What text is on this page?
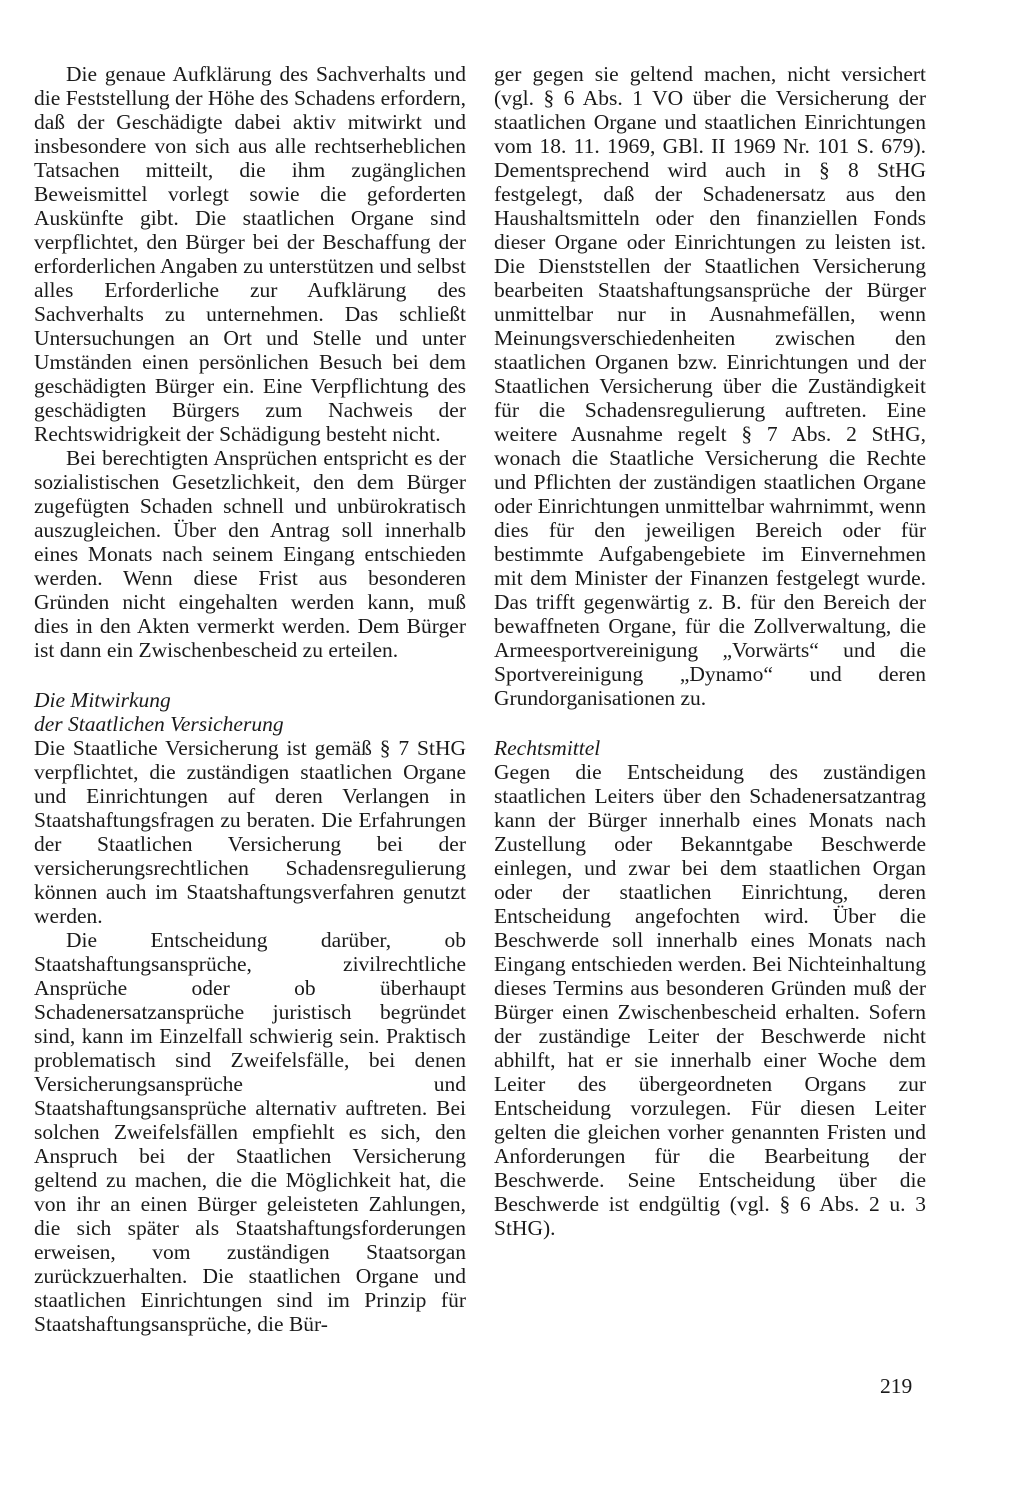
Die genaue Aufklärung des Sachverhalts und die Feststellung der Höhe des Schadens erfordern, daß der Geschädigte dabei aktiv mitwirkt und insbesondere von sich aus alle rechtserheblichen Tatsachen mitteilt, die ihm zugänglichen Beweismittel vorlegt sowie die geforderten Auskünfte gibt. Die staatlichen Organe sind verpflichtet, den Bürger bei der Beschaffung der erforderlichen Angaben zu unterstützen und selbst alles Erforderliche zur Aufklärung des Sachverhalts zu unternehmen. Das schließt Untersuchungen an Ort und Stelle und unter Umständen einen persönlichen Besuch bei dem geschädigten Bürger ein. Eine Verpflichtung des geschädigten Bürgers zum Nachweis der Rechtswidrigkeit der Schädigung besteht nicht.

Bei berechtigten Ansprüchen entspricht es der sozialistischen Gesetzlichkeit, den dem Bürger zugefügten Schaden schnell und unbürokratisch auszugleichen. Über den Antrag soll innerhalb eines Monats nach seinem Eingang entschieden werden. Wenn diese Frist aus besonderen Gründen nicht eingehalten werden kann, muß dies in den Akten vermerkt werden. Dem Bürger ist dann ein Zwischenbescheid zu erteilen.

Die Mitwirkung
der Staatlichen Versicherung

Die Staatliche Versicherung ist gemäß § 7 StHG verpflichtet, die zuständigen staatlichen Organe und Einrichtungen auf deren Verlangen in Staatshaftungsfragen zu beraten. Die Erfahrungen der Staatlichen Versicherung bei der versicherungsrechtlichen Schadensregulierung können auch im Staatshaftungsverfahren genutzt werden.

Die Entscheidung darüber, ob Staatshaftungsansprüche, zivilrechtliche Ansprüche oder ob überhaupt Schadenersatzansprüche juristisch begründet sind, kann im Einzelfall schwierig sein. Praktisch problematisch sind Zweifelsfälle, bei denen Versicherungsansprüche und Staatshaftungsansprüche alternativ auftreten. Bei solchen Zweifelsfällen empfiehlt es sich, den Anspruch bei der Staatlichen Versicherung geltend zu machen, die die Möglichkeit hat, die von ihr an einen Bürger geleisteten Zahlungen, die sich später als Staatshaftungsforderungen erweisen, vom zuständigen Staatsorgan zurückzuerhalten. Die staatlichen Organe und staatlichen Einrichtungen sind im Prinzip für Staatshaftungsansprüche, die Bür-

ger gegen sie geltend machen, nicht versichert (vgl. § 6 Abs. 1 VO über die Versicherung der staatlichen Organe und staatlichen Einrichtungen vom 18. 11. 1969, GBl. II 1969 Nr. 101 S. 679). Dementsprechend wird auch in § 8 StHG festgelegt, daß der Schadenersatz aus den Haushaltsmitteln oder den finanziellen Fonds dieser Organe oder Einrichtungen zu leisten ist. Die Dienststellen der Staatlichen Versicherung bearbeiten Staatshaftungsansprüche der Bürger unmittelbar nur in Ausnahmefällen, wenn Meinungsverschiedenheiten zwischen den staatlichen Organen bzw. Einrichtungen und der Staatlichen Versicherung über die Zuständigkeit für die Schadensregulierung auftreten. Eine weitere Ausnahme regelt § 7 Abs. 2 StHG, wonach die Staatliche Versicherung die Rechte und Pflichten der zuständigen staatlichen Organe oder Einrichtungen unmittelbar wahrnimmt, wenn dies für den jeweiligen Bereich oder für bestimmte Aufgabengebiete im Einvernehmen mit dem Minister der Finanzen festgelegt wurde. Das trifft gegenwärtig z. B. für den Bereich der bewaffneten Organe, für die Zollverwaltung, die Armeesportvereinigung „Vorwärts“ und die Sportvereinigung „Dynamo“ und deren Grundorganisationen zu.

Rechtsmittel

Gegen die Entscheidung des zuständigen staatlichen Leiters über den Schadenersatzantrag kann der Bürger innerhalb eines Monats nach Zustellung oder Bekanntgabe Beschwerde einlegen, und zwar bei dem staatlichen Organ oder der staatlichen Einrichtung, deren Entscheidung angefochten wird. Über die Beschwerde soll innerhalb eines Monats nach Eingang entschieden werden. Bei Nichteinhaltung dieses Termins aus besonderen Gründen muß der Bürger einen Zwischenbescheid erhalten. Sofern der zuständige Leiter der Beschwerde nicht abhilft, hat er sie innerhalb einer Woche dem Leiter des übergeordneten Organs zur Entscheidung vorzulegen. Für diesen Leiter gelten die gleichen vorher genannten Fristen und Anforderungen für die Bearbeitung der Beschwerde. Seine Entscheidung über die Beschwerde ist endgültig (vgl. § 6 Abs. 2 u. 3 StHG).

219
